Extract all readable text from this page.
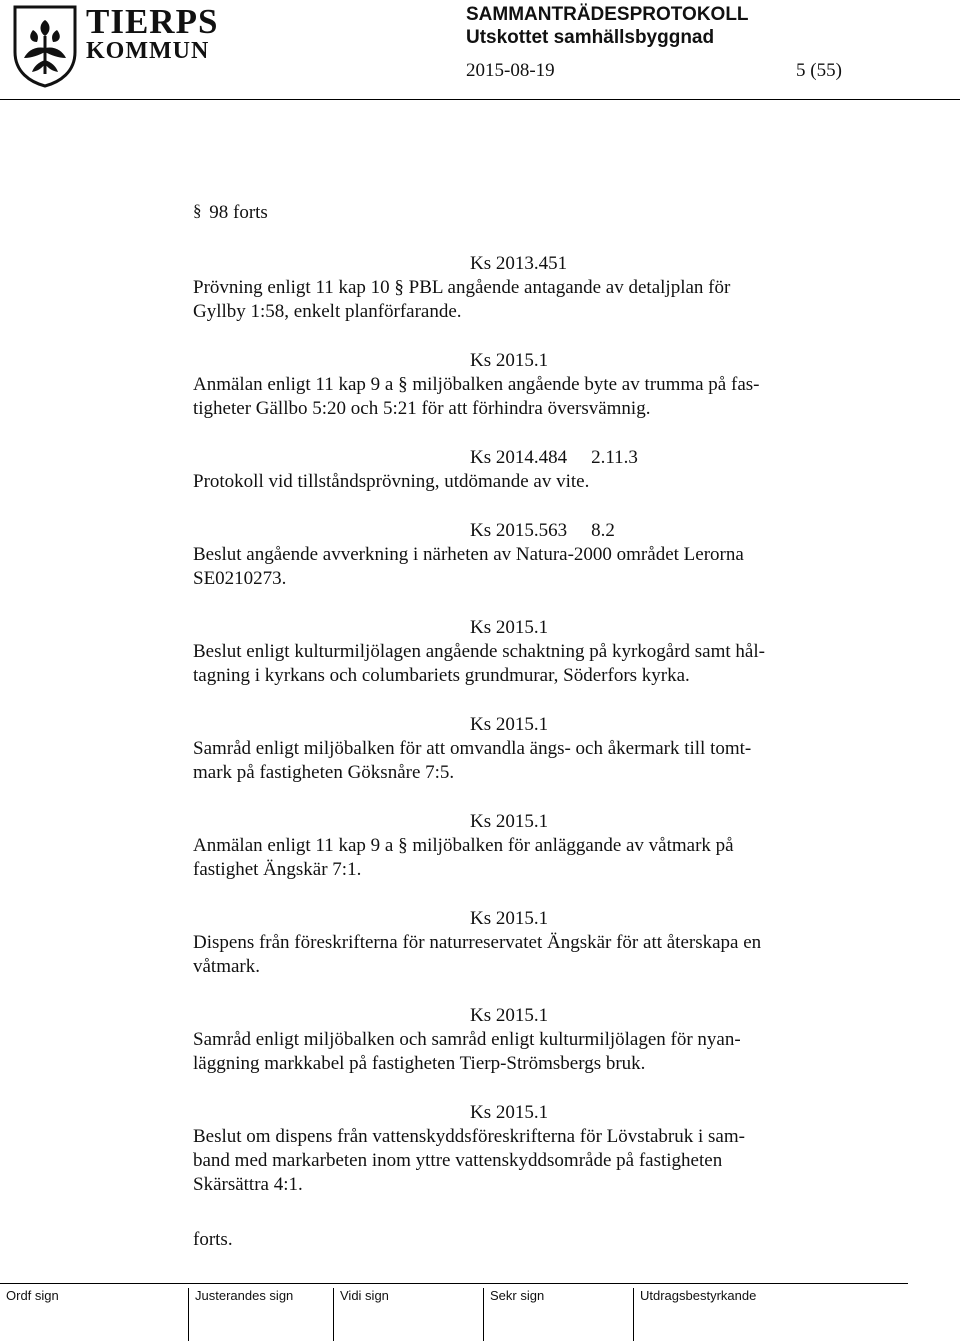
TIERPS
KOMMUN
SAMMANTRÄDESPROTOKOLL
Utskottet samhällsbyggnad
2015-08-19	5 (55)
§ 98 forts
Ks 2013.451
Prövning enligt 11 kap 10 § PBL angående antagande av detaljplan för
Gyllby 1:58, enkelt planförfarande.
Ks 2015.1
Anmälan enligt 11 kap 9 a § miljöbalken angående byte av trumma på fas-
tigheter Gällbo 5:20 och 5:21 för att förhindra översvämnig.
Ks 2014.484 2.11.3
Protokoll vid tillståndsprövning, utdömande av vite.
Ks 2015.563 8.2
Beslut angående avverkning i närheten av Natura-2000 området Lerorna
SE0210273.
Ks 2015.1
Beslut enligt kulturmiljölagen angående schaktning på kyrkogård samt hål-
tagning i kyrkans och columbariets grundmurar, Söderfors kyrka.
Ks 2015.1
Samråd enligt miljöbalken för att omvandla ängs- och åkermark till tomt-
mark på fastigheten Göksnåre 7:5.
Ks 2015.1
Anmälan enligt 11 kap 9 a § miljöbalken för anläggande av våtmark på
fastighet Ängskär 7:1.
Ks 2015.1
Dispens från föreskrifterna för naturreservatet Ängskär för att återskapa en
våtmark.
Ks 2015.1
Samråd enligt miljöbalken och samråd enligt kulturmiljölagen för nyan-
läggning markkabel på fastigheten Tierp-Strömsbergs bruk.
Ks 2015.1
Beslut om dispens från vattenskyddsföreskrifterna för Lövstabruk i sam-
band med markarbeten inom yttre vattenskyddsområde på fastigheten
Skärsättra 4:1.
forts.
Ordf sign	Justerandes sign	Vidi sign	Sekr sign	Utdragsbestyrkande
